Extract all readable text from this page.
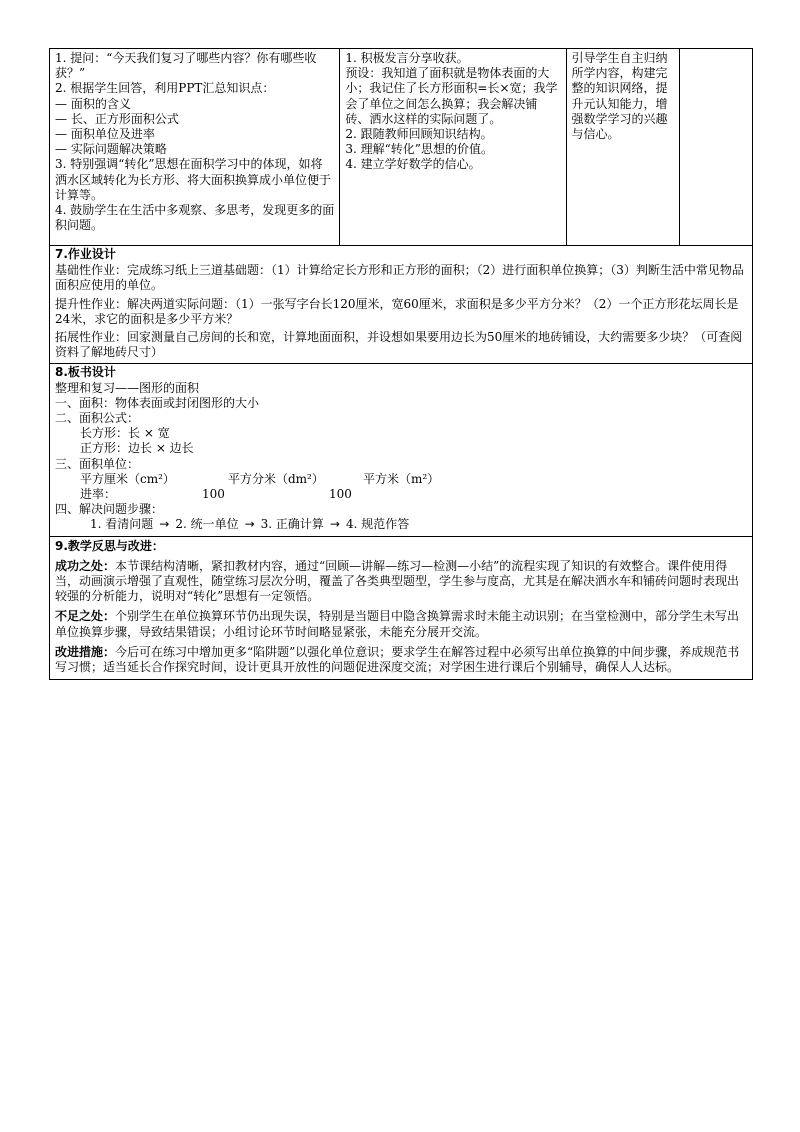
1. 提问：“今天我们复习了哪些内容？你有哪些收获？”
2. 根据学生回答，利用PPT汇总知识点：
— 面积的含义
— 长、正方形面积公式
— 面积单位及进率
— 实际问题解决策略
3. 特别强调“转化”思想在面积学习中的体现，如将洒水区域转化为长方形、将大面积换算成小单位便于计算等。
4. 鼓励学生在生活中多观察、多思考，发现更多的面积问题。

1. 积极发言分享收获。
预设：我知道了面积就是物体表面的大小；我记住了长方形面积=长×宽；我学会了单位之间怎么换算；我会解决铺砖、洒水这样的实际问题了。
2. 跟随教师回顾知识结构。
3. 理解“转化”思想的价值。
4. 建立学好数学的信心。

引导学生自主归纳所学内容，构建完整的知识网络，提升元认知能力，增强数学学习的兴趣与信心。

7.作业设计
基础性作业：完成练习纸上三道基础题：（1）计算给定长方形和正方形的面积；（2）进行面积单位换算；（3）判断生活中常见物品面积应使用的单位。
提升性作业：解决两道实际问题：（1）一张写字台长120厘米，宽60厘米，求面积是多少平方分米？（2）一个正方形花坛周长是24米，求它的面积是多少平方米？
拓展性作业：回家测量自己房间的长和宽，计算地面面积，并设想如果要用边长为50厘米的地砖铺设，大约需要多少块？（可查阅资料了解地砖尺寸）

8.板书设计
整理和复习——图形的面积
一、面积：物体表面或封闭图形的大小
二、面积公式：
长方形：长 × 宽
正方形：边长 × 边长
三、面积单位：
平方厘米（cm²）	平方分米（dm²）	平方米（m²）
进率：	100	100
四、解决问题步骤：
1. 看清问题 → 2. 统一单位 → 3. 正确计算 → 4. 规范作答

9.教学反思与改进：
成功之处：本节课结构清晰，紧扣教材内容，通过“回顾—讲解—练习—检测—小结”的流程实现了知识的有效整合。课件使用得当，动画演示增强了直观性，随堂练习层次分明，覆盖了各类典型题型，学生参与度高，尤其是在解决洒水车和铺砖问题时表现出较强的分析能力，说明对“转化”思想有一定领悟。
不足之处：个别学生在单位换算环节仍出现失误，特别是当题目中隐含换算需求时未能主动识别；在当堂检测中，部分学生未写出单位换算步骤，导致结果错误；小组讨论环节时间略显紧张，未能充分展开交流。
改进措施：今后可在练习中增加更多“陷阱题”以强化单位意识；要求学生在解答过程中必须写出单位换算的中间步骤，养成规范书写习惯；适当延长合作探究时间，设计更具开放性的问题促进深度交流；对学困生进行课后个别辅导，确保人人达标。
